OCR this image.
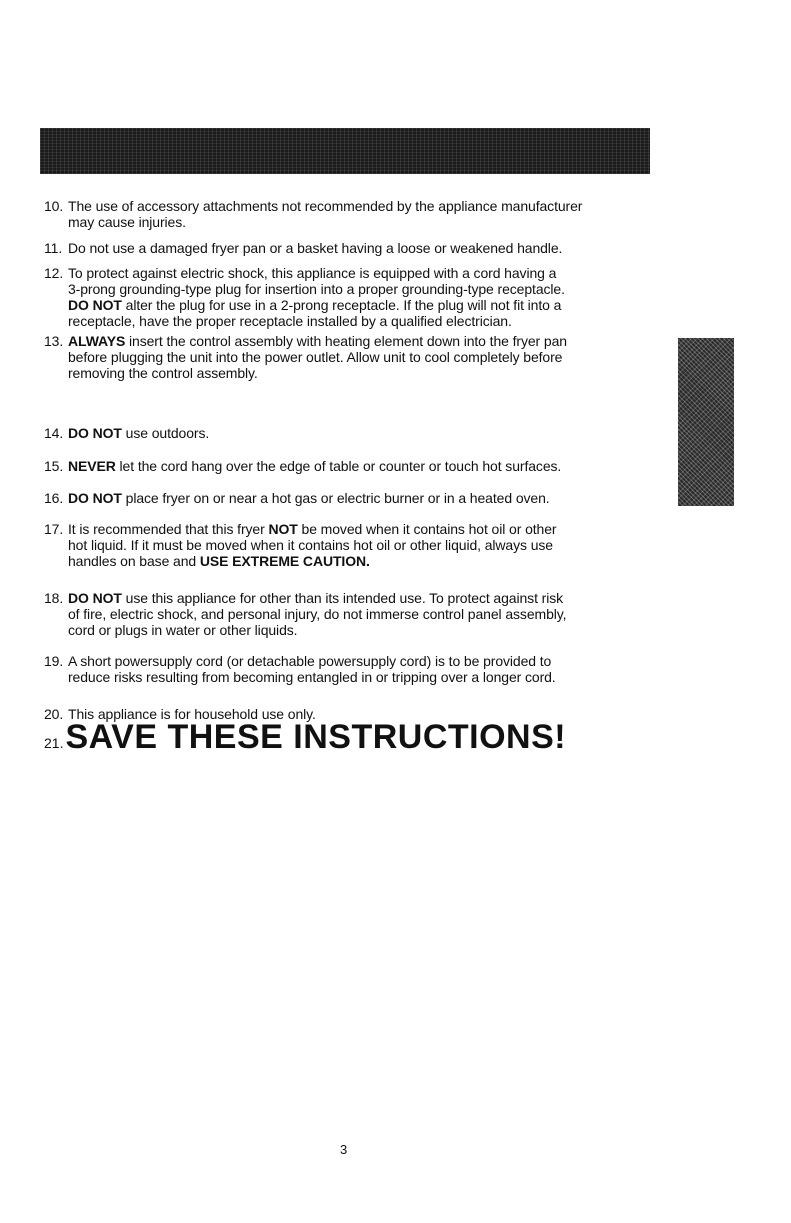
10. The use of accessory attachments not recommended by the appliance manufacturer
may cause injuries.
11. Do not use a damaged fryer pan or a basket having a loose or weakened handle.
12. To protect against electric shock, this appliance is equipped with a cord having a
3-prong grounding-type plug for insertion into a proper grounding-type receptacle.
DO NOT alter the plug for use in a 2-prong receptacle. If the plug will not fit into a
receptacle, have the proper receptacle installed by a qualified electrician.
13. ALWAYS insert the control assembly with heating element down into the fryer pan
before plugging the unit into the power outlet. Allow unit to cool completely before
removing the control assembly.
14. DO NOT use outdoors.
15. NEVER let the cord hang over the edge of table or counter or touch hot surfaces.
16. DO NOT place fryer on or near a hot gas or electric burner or in a heated oven.
17. It is recommended that this fryer NOT be moved when it contains hot oil or other
hot liquid. If it must be moved when it contains hot oil or other liquid, always use
handles on base and USE EXTREME CAUTION.
18. DO NOT use this appliance for other than its intended use. To protect against risk
of fire, electric shock, and personal injury, do not immerse control panel assembly,
cord or plugs in water or other liquids.
19. A short powersupply cord (or detachable powersupply cord) is to be provided to
reduce risks resulting from becoming entangled in or tripping over a longer cord.
20. This appliance is for household use only.
21.SAVE THESE INSTRUCTIONS!
3
